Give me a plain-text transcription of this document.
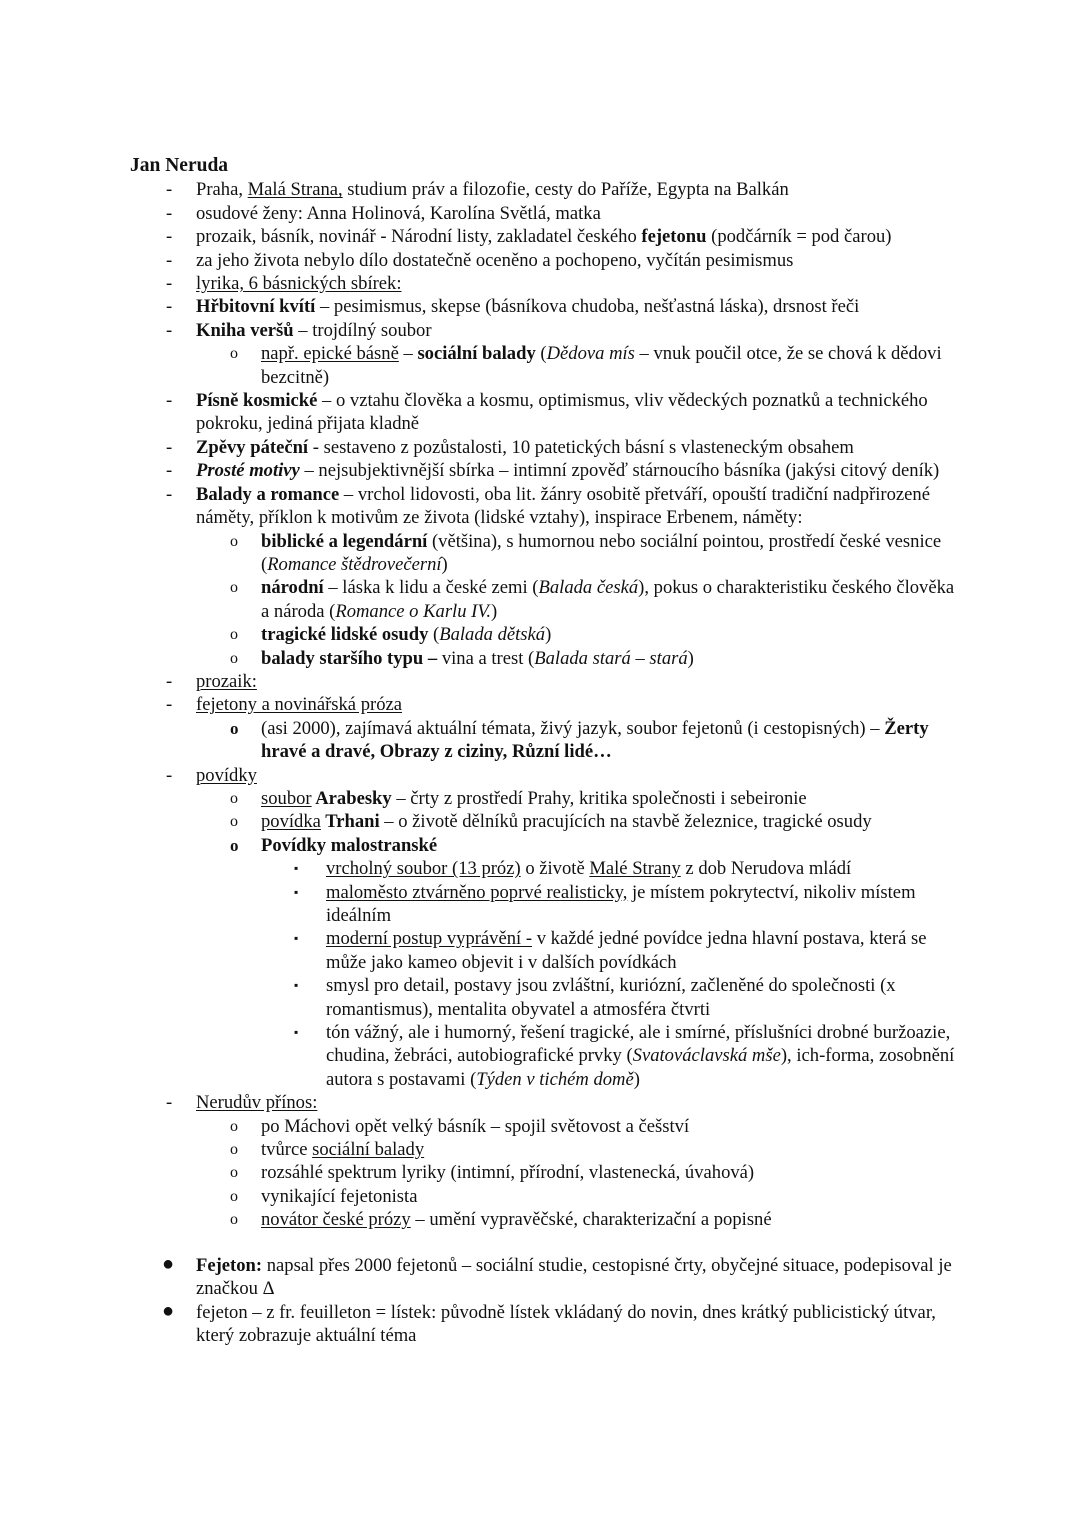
Jan Neruda
- Praha, Malá Strana, studium práv a filozofie, cesty do Paříže, Egypta na Balkán
- osudové ženy: Anna Holinová, Karolína Světlá, matka
- prozaik, básník, novinář - Národní listy, zakladatel českého fejetonu (podčárník = pod čarou)
- za jeho života nebylo dílo dostatečně oceněno a pochopeno, vyčítán pesimismus
- lyrika, 6 básnických sbírek:
- Hřbitovní kvítí – pesimismus, skepse (básníkova chudoba, nešťastná láska), drsnost řeči
- Kniha veršů – trojdílný soubor
o např. epické básně – sociální balady (Dědova mís – vnuk poučil otce, že se chová k dědovi bezcitně)
- Písně kosmické – o vztahu člověka a kosmu, optimismus, vliv vědeckých poznatků a technického pokroku, jediná přijata kladně
- Zpěvy páteční - sestaveno z pozůstalosti, 10 patetických básní s vlasteneckým obsahem
- Prosté motivy – nejsubjektivnější sbírka – intimní zpověď stárnoucího básníka (jakýsi citový deník)
- Balady a romance – vrchol lidovosti, oba lit. žánry osobitě přetváří, opouští tradiční nadpřirozené náměty, příklon k motivům ze života (lidské vztahy), inspirace Erbenem, náměty:
o biblické a legendární (většina), s humornou nebo sociální pointou, prostředí české vesnice (Romance štědrovečerní)
o národní – láska k lidu a české zemi (Balada česká), pokus o charakteristiku českého člověka a národa (Romance o Karlu IV.)
o tragické lidské osudy (Balada dětská)
o balady staršího typu – vina a trest (Balada stará – stará)
- prozaik:
- fejetony a novinářská próza
o (asi 2000), zajímavá aktuální témata, živý jazyk, soubor fejetonů (i cestopisných) – Žerty hravé a dravé, Obrazy z ciziny, Různí lidé…
- povídky
o soubor Arabesky – črty z prostředí Prahy, kritika společnosti i sebeironie
o povídka Trhani – o životě dělníků pracujících na stavbě železnice, tragické osudy
o Povídky malostranské
▪ vrcholný soubor (13 próz) o životě Malé Strany z dob Nerudova mládí
▪ maloměsto ztvárněno poprvé realisticky, je místem pokrytectví, nikoliv místem ideálním
▪ moderní postup vyprávění - v každé jedné povídce jedna hlavní postava, která se může jako kameo objevit i v dalších povídkách
▪ smysl pro detail, postavy jsou zvláštní, kuriózní, začleněné do společnosti (x romantismus), mentalita obyvatel a atmosféra čtvrti
▪ tón vážný, ale i humorný, řešení tragické, ale i smírné, příslušníci drobné buržoazie, chudina, žebráci, autobiografické prvky (Svatováclavská mše), ich-forma, zosobnění autora s postavami (Týden v tichém domě)
- Nerudův přínos:
o po Máchovi opět velký básník – spojil světovost a češství
o tvůrce sociální balady
o rozsáhlé spektrum lyriky (intimní, přírodní, vlastenecká, úvahová)
o vynikající fejetonista
o novátor české prózy – umění vypravěčské, charakterizační a popisné
● Fejeton: napsal přes 2000 fejetonů – sociální studie, cestopisné črty, obyčejné situace, podepisoval je značkou Δ
● fejeton – z fr. feuilleton = lístek: původně lístek vkládaný do novin, dnes krátký publicistický útvar, který zobrazuje aktuální téma
